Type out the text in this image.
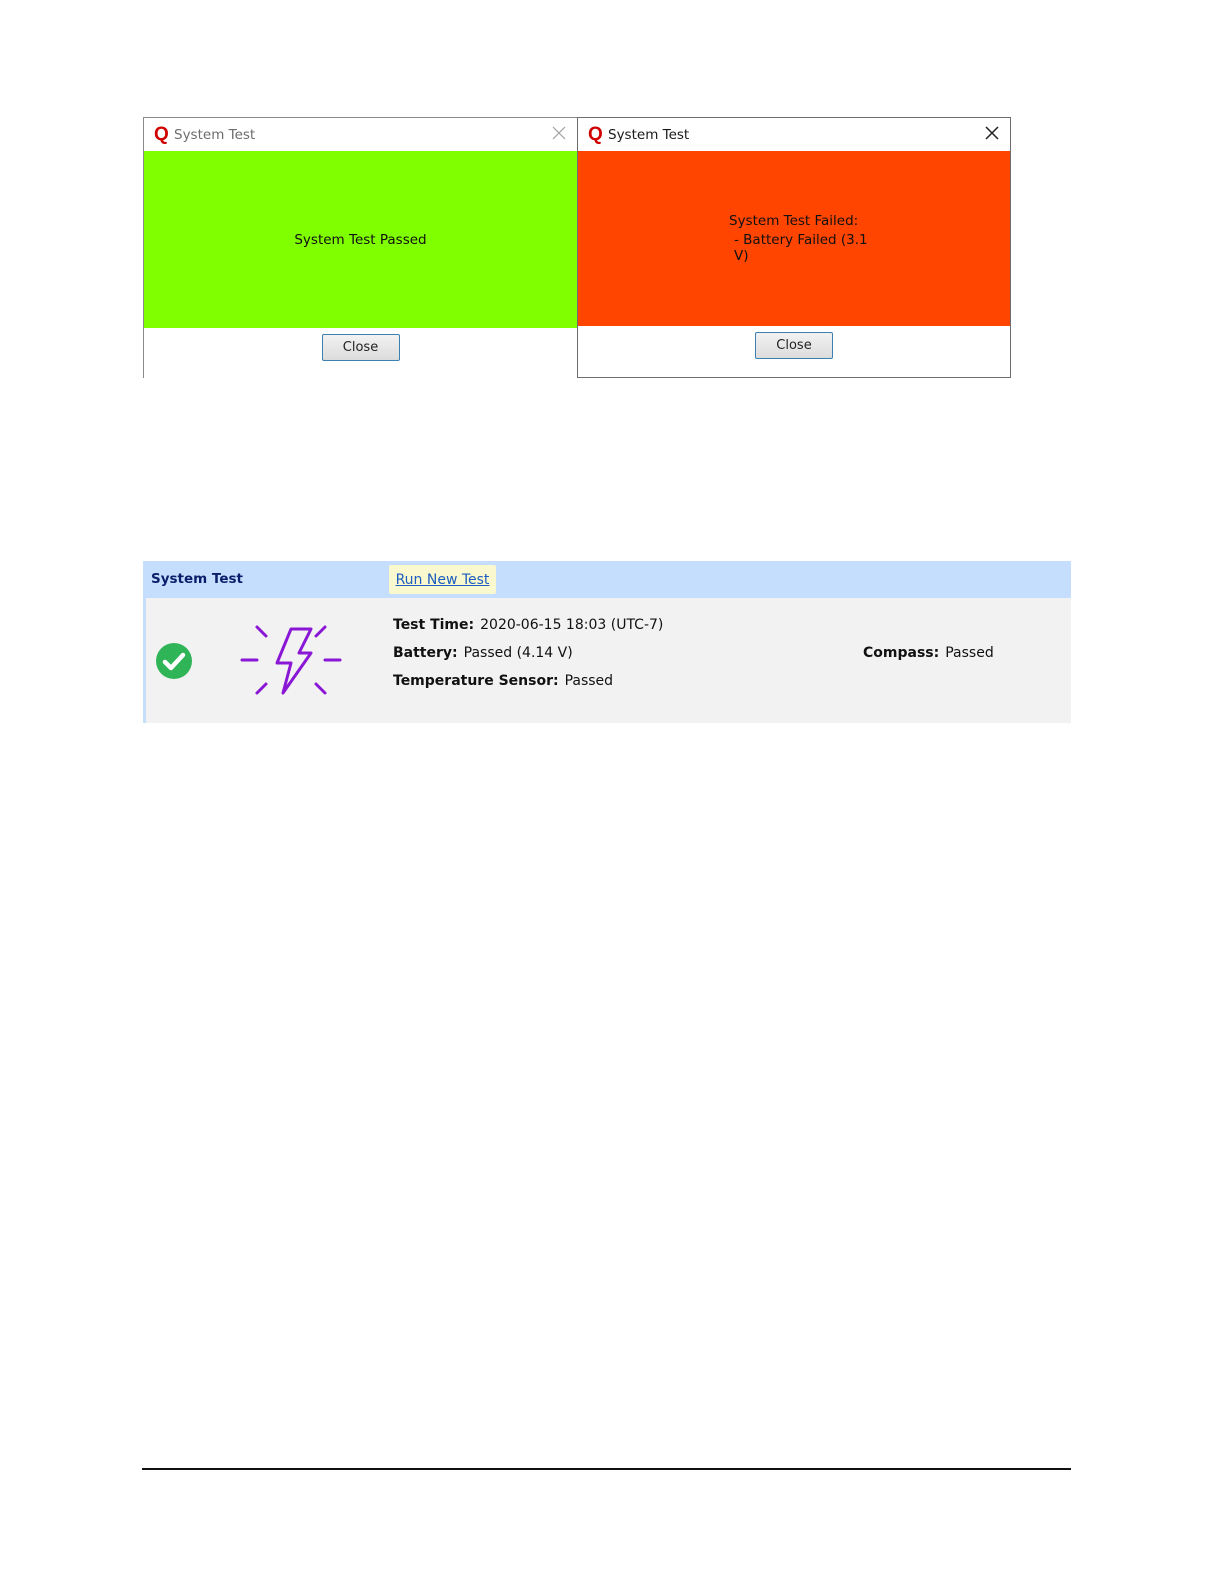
Q System Test
System Test Passed
Close
Q System Test
System Test Failed:
- Battery Failed (3.1 V)
Close
System Test	Run New Test
Test Time: 2020-06-15 18:03 (UTC-7)
Battery: Passed (4.14 V)
Temperature Sensor: Passed
Compass: Passed
